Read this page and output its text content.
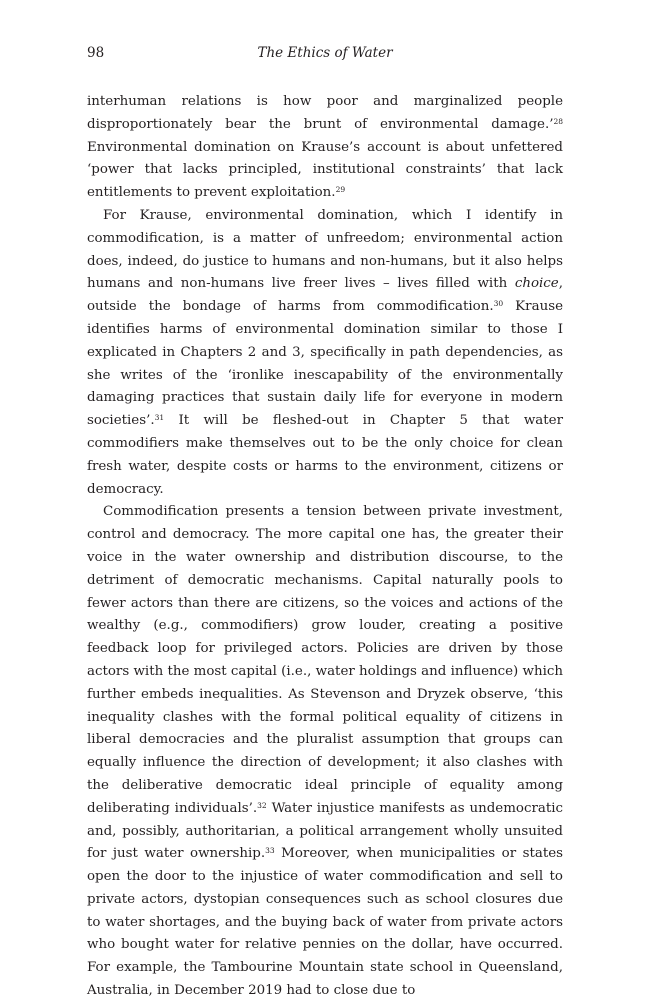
98	The Ethics of Water

interhuman relations is how poor and marginalized people disproportionately bear the brunt of environmental damage.’$^{28}$ Environmental domination on Krause’s account is about unfettered ‘power that lacks principled, institutional constraints’ that lack entitlements to prevent exploitation.$^{29}$

For Krause, environmental domination, which I identify in commodification, is a matter of unfreedom; environmental action does, indeed, do justice to humans and non-humans, but it also helps humans and non-humans live freer lives – lives filled with choice, outside the bondage of harms from commodification.$^{30}$ Krause identifies harms of environmental domination similar to those I explicated in Chapters 2 and 3, specifically in path dependencies, as she writes of the ‘ironlike inescapability of the environmentally damaging practices that sustain daily life for everyone in modern societies’.$^{31}$ It will be fleshed-out in Chapter 5 that water commodifiers make themselves out to be the only choice for clean fresh water, despite costs or harms to the environment, citizens or democracy.

Commodification presents a tension between private investment, control and democracy. The more capital one has, the greater their voice in the water ownership and distribution discourse, to the detriment of democratic mechanisms. Capital naturally pools to fewer actors than there are citizens, so the voices and actions of the wealthy (e.g., commodifiers) grow louder, creating a positive feedback loop for privileged actors. Policies are driven by those actors with the most capital (i.e., water holdings and influence) which further embeds inequalities. As Stevenson and Dryzek observe, ‘this inequality clashes with the formal political equality of citizens in liberal democracies and the pluralist assumption that groups can equally influence the direction of development; it also clashes with the deliberative democratic ideal principle of equality among deliberating individuals’.$^{32}$ Water injustice manifests as undemocratic and, possibly, authoritarian, a political arrangement wholly unsuited for just water ownership.$^{33}$ Moreover, when municipalities or states open the door to the injustice of water commodification and sell to private actors, dystopian consequences such as school closures due to water shortages, and the buying back of water from private actors who bought water for relative pennies on the dollar, have occurred. For example, the Tambourine Mountain state school in Queensland, Australia, in December 2019 had to close due to
